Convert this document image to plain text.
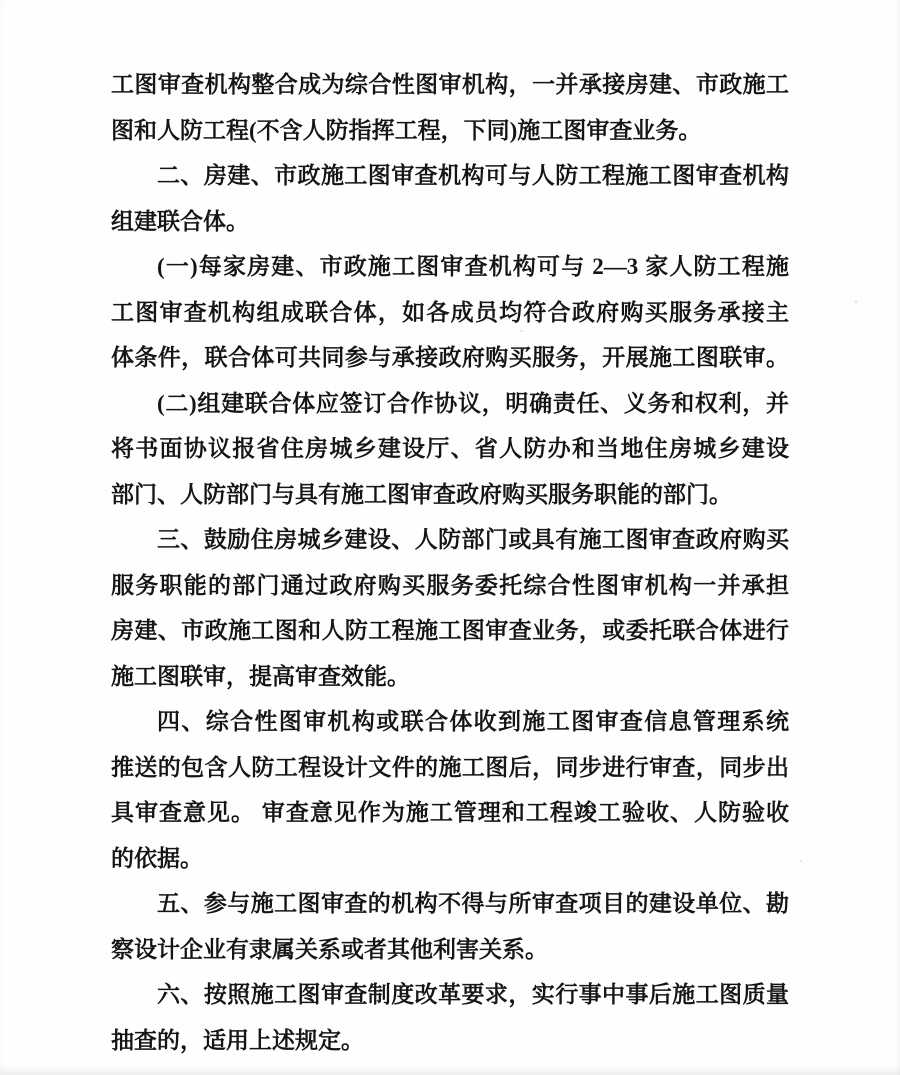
工图审查机构整合成为综合性图审机构，一并承接房建、市政施工
图和人防工程(不含人防指挥工程，下同)施工图审查业务。
二、房建、市政施工图审查机构可与人防工程施工图审查机构
组建联合体。
(一)每家房建、市政施工图审查机构可与 2—3 家人防工程施
工图审查机构组成联合体，如各成员均符合政府购买服务承接主
体条件，联合体可共同参与承接政府购买服务，开展施工图联审。
(二)组建联合体应签订合作协议，明确责任、义务和权利，并
将书面协议报省住房城乡建设厅、省人防办和当地住房城乡建设
部门、人防部门与具有施工图审查政府购买服务职能的部门。
三、鼓励住房城乡建设、人防部门或具有施工图审查政府购买
服务职能的部门通过政府购买服务委托综合性图审机构一并承担
房建、市政施工图和人防工程施工图审查业务，或委托联合体进行
施工图联审，提高审查效能。
四、综合性图审机构或联合体收到施工图审查信息管理系统
推送的包含人防工程设计文件的施工图后，同步进行审查，同步出
具审查意见。 审查意见作为施工管理和工程竣工验收、人防验收
的依据。
五、参与施工图审查的机构不得与所审查项目的建设单位、勘
察设计企业有隶属关系或者其他利害关系。
六、按照施工图审查制度改革要求，实行事中事后施工图质量
抽查的，适用上述规定。
